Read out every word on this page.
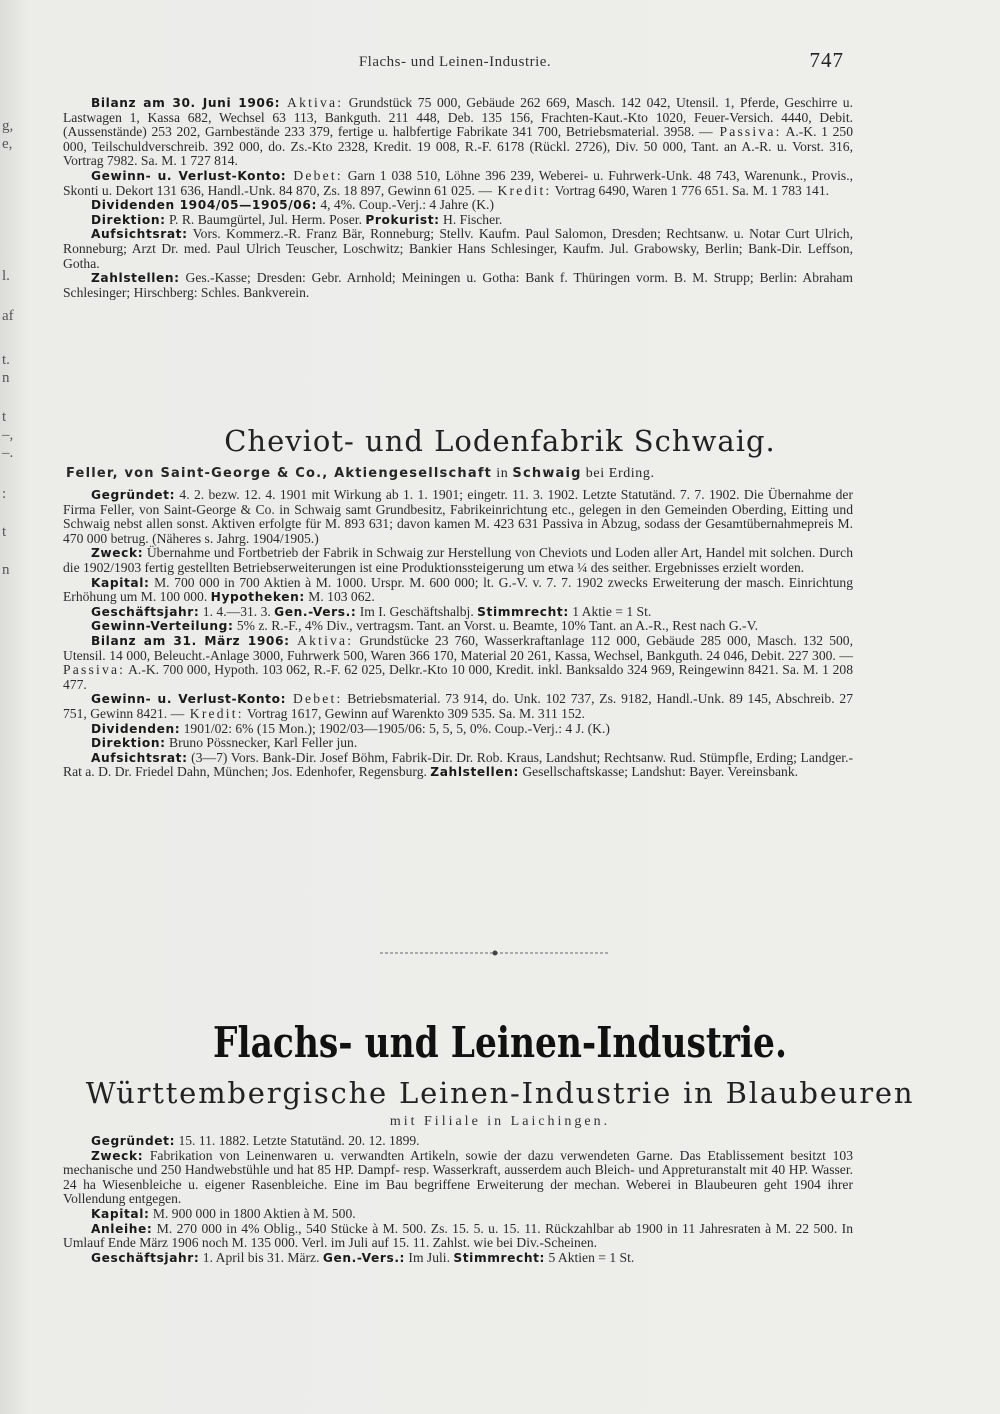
g,
e,
l.
af
t.
n
t
–,
–.
:
t
n
Flachs- und Leinen-Industrie.	747

Bilanz am 30. Juni 1906: Aktiva: Grundstück 75 000, Gebäude 262 669, Masch. 142 042, Utensil. 1, Pferde, Geschirre u. Lastwagen 1, Kassa 682, Wechsel 63 113, Bankguth. 211 448, Deb. 135 156, Frachten-Kaut.-Kto 1020, Feuer-Versich. 4440, Debit. (Aussenstände) 253 202, Garnbestände 233 379, fertige u. halbfertige Fabrikate 341 700, Betriebsmaterial. 3958. — Passiva: A.-K. 1 250 000, Teilschuldverschreib. 392 000, do. Zs.-Kto 2328, Kredit. 19 008, R.-F. 6178 (Rückl. 2726), Div. 50 000, Tant. an A.-R. u. Vorst. 316, Vortrag 7982. Sa. M. 1 727 814.

Gewinn- u. Verlust-Konto: Debet: Garn 1 038 510, Löhne 396 239, Weberei- u. Fuhrwerk-Unk. 48 743, Warenunk., Provis., Skonti u. Dekort 131 636, Handl.-Unk. 84 870, Zs. 18 897, Gewinn 61 025. — Kredit: Vortrag 6490, Waren 1 776 651. Sa. M. 1 783 141.

Dividenden 1904/05—1905/06: 4, 4%. Coup.-Verj.: 4 Jahre (K.)

Direktion: P. R. Baumgürtel, Jul. Herm. Poser. Prokurist: H. Fischer.

Aufsichtsrat: Vors. Kommerz.-R. Franz Bär, Ronneburg; Stellv. Kaufm. Paul Salomon, Dresden; Rechtsanw. u. Notar Curt Ulrich, Ronneburg; Arzt Dr. med. Paul Ulrich Teuscher, Loschwitz; Bankier Hans Schlesinger, Kaufm. Jul. Grabowsky, Berlin; Bank-Dir. Leffson, Gotha.

Zahlstellen: Ges.-Kasse; Dresden: Gebr. Arnhold; Meiningen u. Gotha: Bank f. Thüringen vorm. B. M. Strupp; Berlin: Abraham Schlesinger; Hirschberg: Schles. Bankverein.

Cheviot- und Lodenfabrik Schwaig.
Feller, von Saint-George & Co., Aktiengesellschaft in Schwaig bei Erding.

Gegründet: 4. 2. bezw. 12. 4. 1901 mit Wirkung ab 1. 1. 1901; eingetr. 11. 3. 1902. Letzte Statutänd. 7. 7. 1902. Die Übernahme der Firma Feller, von Saint-George & Co. in Schwaig samt Grundbesitz, Fabrikeinrichtung etc., gelegen in den Gemeinden Oberding, Eitting und Schwaig nebst allen sonst. Aktiven erfolgte für M. 893 631; davon kamen M. 423 631 Passiva in Abzug, sodass der Gesamtübernahmepreis M. 470 000 betrug. (Näheres s. Jahrg. 1904/1905.)

Zweck: Übernahme und Fortbetrieb der Fabrik in Schwaig zur Herstellung von Cheviots und Loden aller Art, Handel mit solchen. Durch die 1902/1903 fertig gestellten Betriebserweiterungen ist eine Produktionssteigerung um etwa ¼ des seither. Ergebnisses erzielt worden.

Kapital: M. 700 000 in 700 Aktien à M. 1000. Urspr. M. 600 000; lt. G.-V. v. 7. 7. 1902 zwecks Erweiterung der masch. Einrichtung Erhöhung um M. 100 000. Hypotheken: M. 103 062.

Geschäftsjahr: 1. 4.—31. 3. Gen.-Vers.: Im I. Geschäftshalbj. Stimmrecht: 1 Aktie = 1 St.

Gewinn-Verteilung: 5% z. R.-F., 4% Div., vertragsm. Tant. an Vorst. u. Beamte, 10% Tant. an A.-R., Rest nach G.-V.

Bilanz am 31. März 1906: Aktiva: Grundstücke 23 760, Wasserkraftanlage 112 000, Gebäude 285 000, Masch. 132 500, Utensil. 14 000, Beleucht.-Anlage 3000, Fuhrwerk 500, Waren 366 170, Material 20 261, Kassa, Wechsel, Bankguth. 24 046, Debit. 227 300. — Passiva: A.-K. 700 000, Hypoth. 103 062, R.-F. 62 025, Delkr.-Kto 10 000, Kredit. inkl. Banksaldo 324 969, Reingewinn 8421. Sa. M. 1 208 477.

Gewinn- u. Verlust-Konto: Debet: Betriebsmaterial. 73 914, do. Unk. 102 737, Zs. 9182, Handl.-Unk. 89 145, Abschreib. 27 751, Gewinn 8421. — Kredit: Vortrag 1617, Gewinn auf Warenkto 309 535. Sa. M. 311 152.

Dividenden: 1901/02: 6% (15 Mon.); 1902/03—1905/06: 5, 5, 5, 0%. Coup.-Verj.: 4 J. (K.)

Direktion: Bruno Pössnecker, Karl Feller jun.

Aufsichtsrat: (3—7) Vors. Bank-Dir. Josef Böhm, Fabrik-Dir. Dr. Rob. Kraus, Landshut; Rechtsanw. Rud. Stümpfle, Erding; Landger.-Rat a. D. Dr. Friedel Dahn, München; Jos. Edenhofer, Regensburg. Zahlstellen: Gesellschaftskasse; Landshut: Bayer. Vereinsbank.

Flachs- und Leinen-Industrie.
Württembergische Leinen-Industrie in Blaubeuren
mit Filiale in Laichingen.

Gegründet: 15. 11. 1882. Letzte Statutänd. 20. 12. 1899.

Zweck: Fabrikation von Leinenwaren u. verwandten Artikeln, sowie der dazu verwendeten Garne. Das Etablissement besitzt 103 mechanische und 250 Handwebstühle und hat 85 HP. Dampf- resp. Wasserkraft, ausserdem auch Bleich- und Appreturanstalt mit 40 HP. Wasser. 24 ha Wiesenbleiche u. eigener Rasenbleiche. Eine im Bau begriffene Erweiterung der mechan. Weberei in Blaubeuren geht 1904 ihrer Vollendung entgegen.

Kapital: M. 900 000 in 1800 Aktien à M. 500.

Anleihe: M. 270 000 in 4% Oblig., 540 Stücke à M. 500. Zs. 15. 5. u. 15. 11. Rückzahlbar ab 1900 in 11 Jahresraten à M. 22 500. In Umlauf Ende März 1906 noch M. 135 000. Verl. im Juli auf 15. 11. Zahlst. wie bei Div.-Scheinen.

Geschäftsjahr: 1. April bis 31. März. Gen.-Vers.: Im Juli. Stimmrecht: 5 Aktien = 1 St.
